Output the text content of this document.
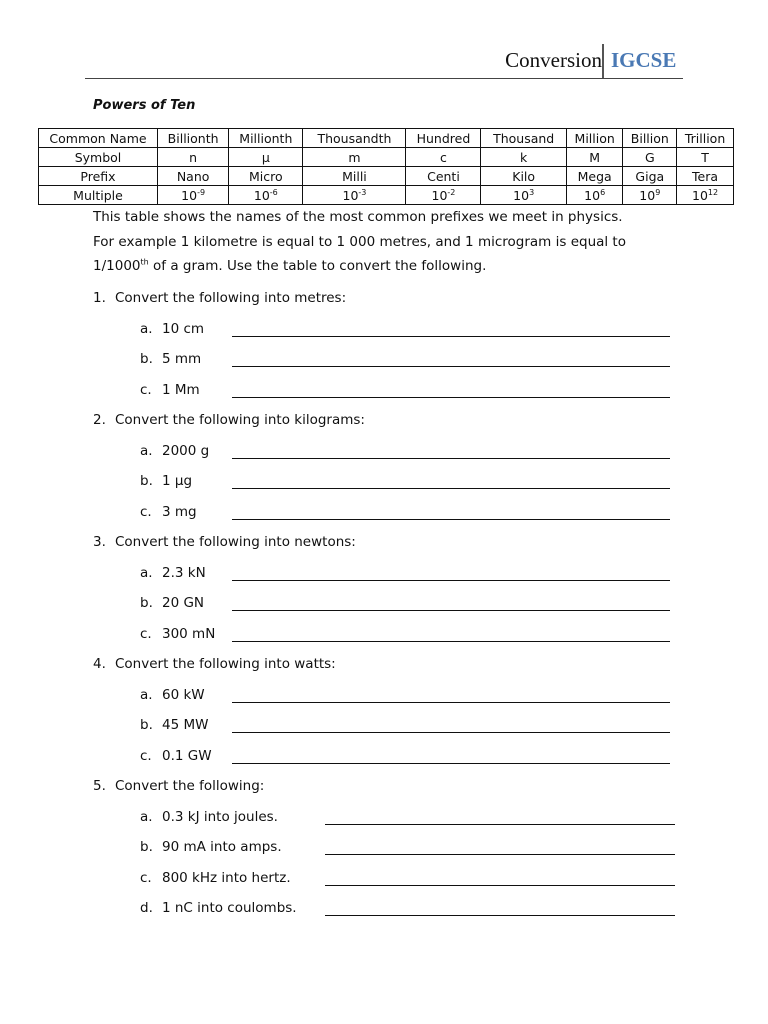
Conversion IGCSE
Powers of Ten
Common Name	Billionth	Millionth	Thousandth	Hundred	Thousand	Million	Billion	Trillion
Symbol	n	μ	m	c	k	M	G	T
Prefix	Nano	Micro	Milli	Centi	Kilo	Mega	Giga	Tera
Multiple	$10^{-9}$	$10^{-6}$	$10^{-3}$	$10^{-2}$	$10^3$	$10^6$	$10^9$	$10^{12}$

This table shows the names of the most common prefixes we meet in physics.

For example 1 kilometre is equal to 1 000 metres, and 1 microgram is equal to

1/1000th of a gram. Use the table to convert the following.

1. Convert the following into metres:
a. 10 cm
b. 5 mm
c. 1 Mm
2. Convert the following into kilograms:
a. 2000 g
b. 1 μg
c. 3 mg
3. Convert the following into newtons:
a. 2.3 kN
b. 20 GN
c. 300 mN
4. Convert the following into watts:
a. 60 kW
b. 45 MW
c. 0.1 GW
5. Convert the following:
a. 0.3 kJ into joules.
b. 90 mA into amps.
c. 800 kHz into hertz.
d. 1 nC into coulombs.
